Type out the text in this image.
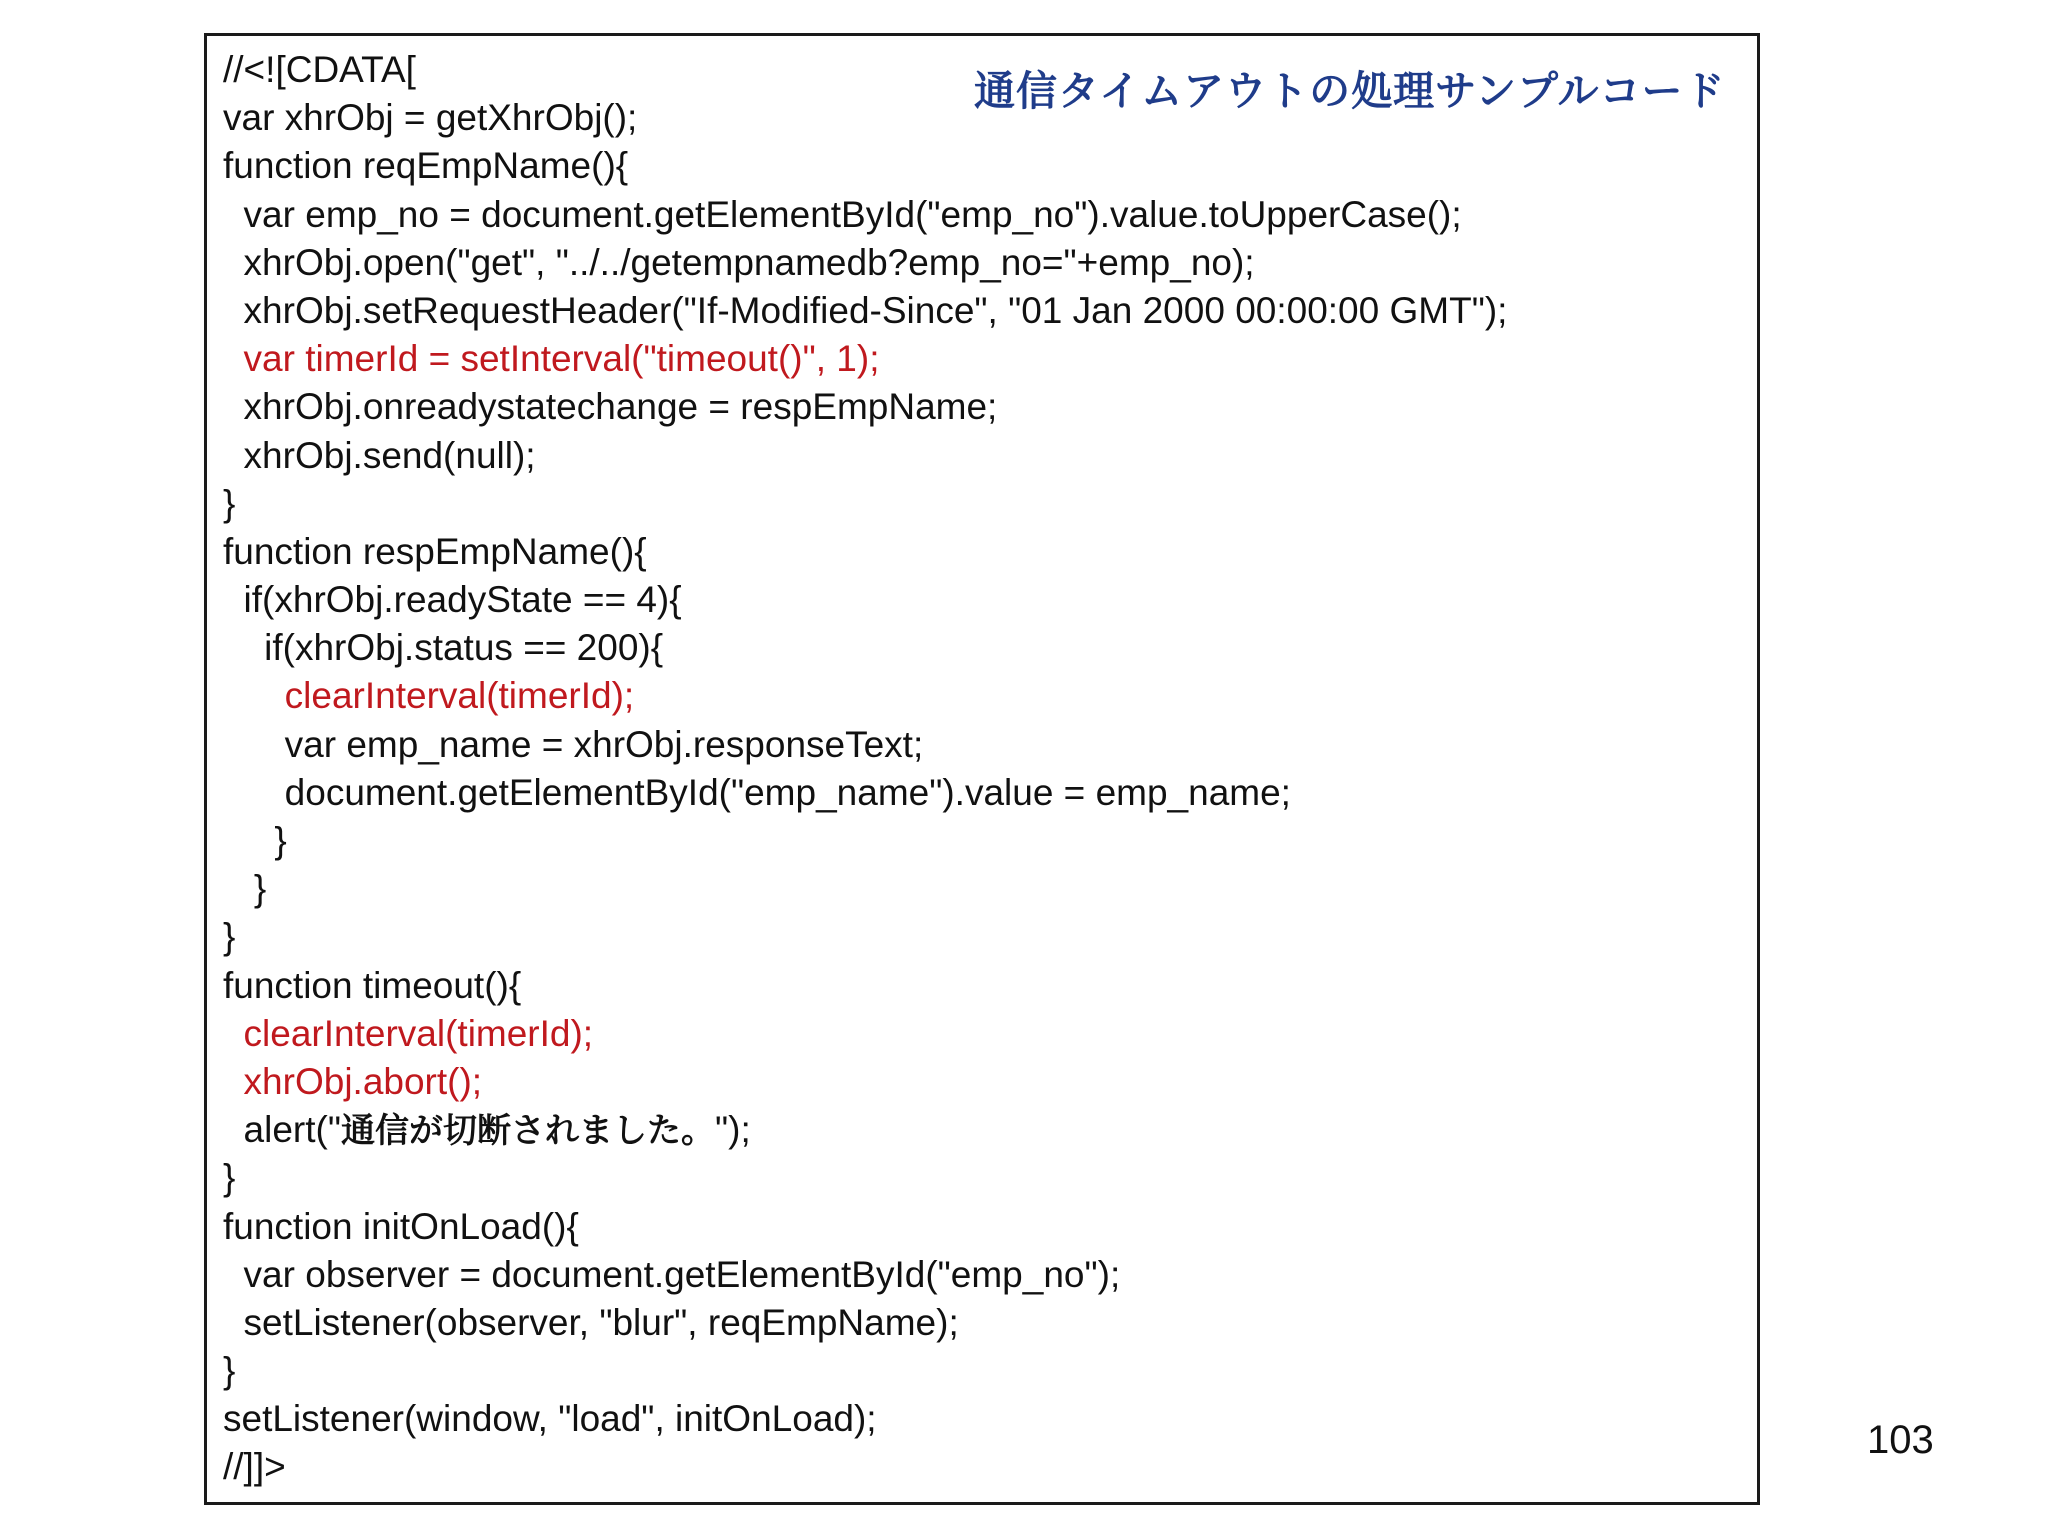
通信タイムアウトの処理サンプルコード
//<![CDATA[
var xhrObj = getXhrObj();
function reqEmpName(){
var emp_no = document.getElementById("emp_no").value.toUpperCase();
xhrObj.open("get", "../../getempnamedb?emp_no="+emp_no);
xhrObj.setRequestHeader("If-Modified-Since", "01 Jan 2000 00:00:00 GMT");
var timerId = setInterval("timeout()", 1);
xhrObj.onreadystatechange = respEmpName;
xhrObj.send(null);
}
function respEmpName(){
if(xhrObj.readyState == 4){
if(xhrObj.status == 200){
clearInterval(timerId);
var emp_name = xhrObj.responseText;
document.getElementById("emp_name").value = emp_name;
}
}
}
function timeout(){
clearInterval(timerId);
xhrObj.abort();
alert("通信が切断されました。");
}
function initOnLoad(){
var observer = document.getElementById("emp_no");
setListener(observer, "blur", reqEmpName);
}
setListener(window, "load", initOnLoad);
//]]>
103
